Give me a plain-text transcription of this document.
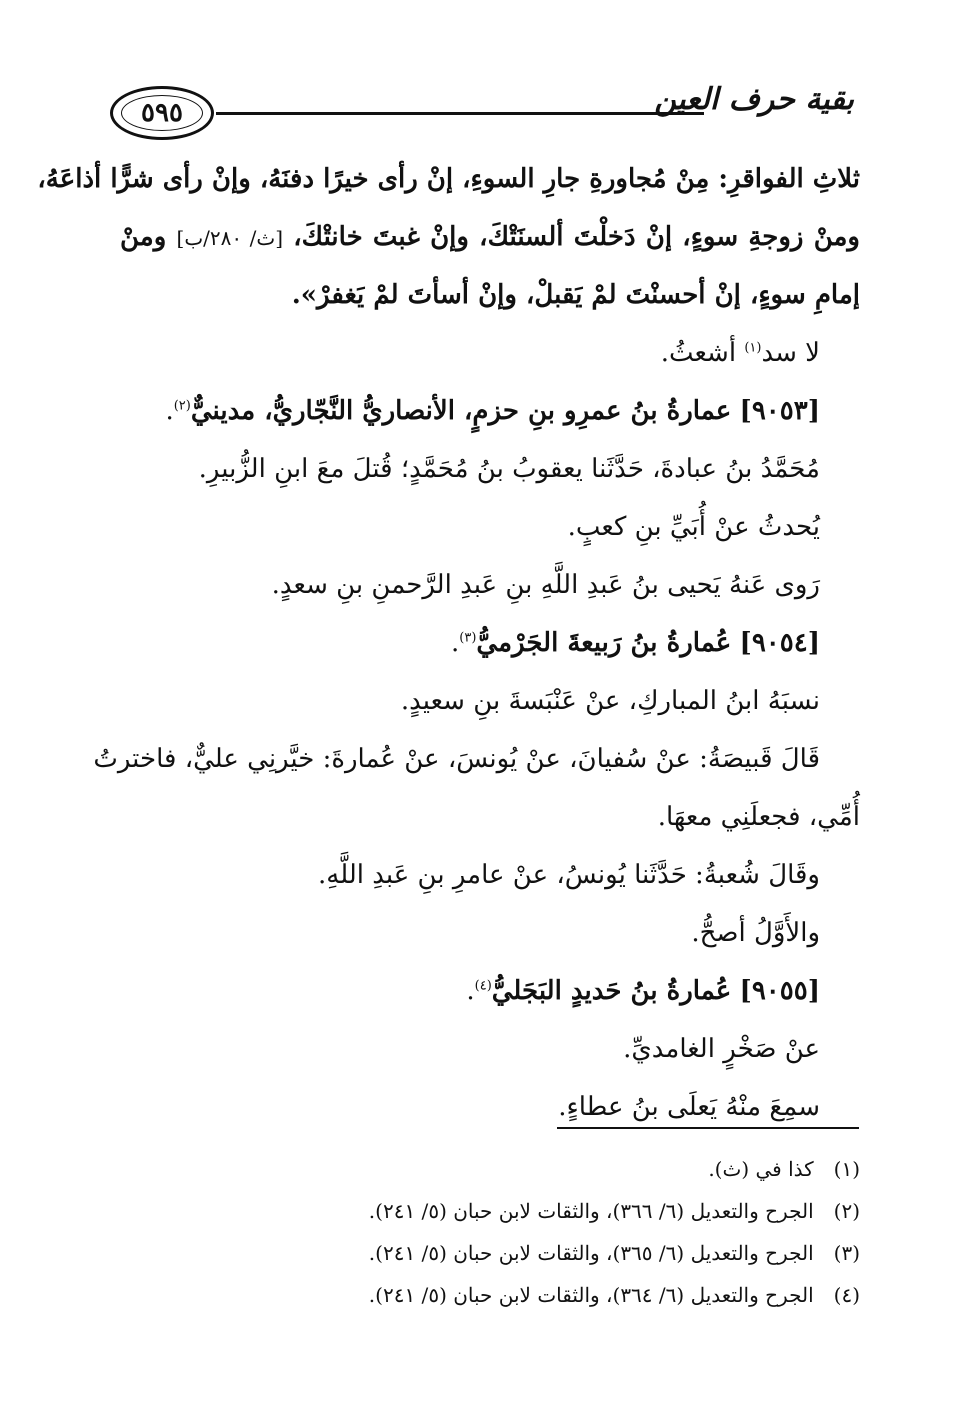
٥٩٥	بقية حرف العين
ثلاثِ الفواقرِ: مِنْ مُجاورةِ جارِ السوءِ، إنْ رأى خيرًا دفنَهُ، وإنْ رأى شرًّا أذاعَهُ،
ومنْ زوجةِ سوءٍ، إنْ دَخلْتَ ألسنَتْكَ، وإنْ غبتَ خانتْكَ، [ث/ ٢٨٠/ب] ومنْ
إمامِ سوءٍ، إنْ أحسنْتَ لمْ يَقبلْ، وإنْ أسأتَ لمْ يَغفرْ».
لا سد$^{(١)}$ أشعثُ.
[٩٠٥٣] عمارةُ بنُ عمرِو بنِ حزمٍ، الأنصاريُّ النَّجّاريُّ، مدينيٌّ$^{(٢)}$.
مُحَمَّدُ بنُ عبادةَ، حَدَّثَنا يعقوبُ بنُ مُحَمَّدٍ؛ قُتلَ معَ ابنِ الزُّبيرِ.
يُحدثُ عنْ أُبَيِّ بنِ كعبٍ.
رَوى عَنهُ يَحيى بنُ عَبدِ اللَّهِ بنِ عَبدِ الرَّحمنِ بنِ سعدٍ.
[٩٠٥٤] عُمارةُ بنُ رَبيعةَ الجَرْميُّ$^{(٣)}$.
نسبَهُ ابنُ المباركِ، عنْ عَنْبَسةَ بنِ سعيدٍ.
قَالَ قَبيصَةُ: عنْ سُفيانَ، عنْ يُونسَ، عنْ عُمارةَ: خيَّرنِي عليٌّ، فاخترتُ
أُمِّي، فجعلَنِي معهَا.
وقَالَ شُعبةُ: حَدَّثَنا يُونسُ، عنْ عامرِ بنِ عَبدِ اللَّهِ.
والأَوَّلُ أصحُّ.
[٩٠٥٥] عُمارةُ بنُ حَديدٍ البَجَليُّ$^{(٤)}$.
عنْ صَخْرٍ الغامديِّ.
سمِعَ منْهُ يَعلَى بنُ عطاءٍ.
(١) كذا في (ث).
(٢) الجرح والتعديل (٦/ ٣٦٦)، والثقات لابن حبان (٥/ ٢٤١).
(٣) الجرح والتعديل (٦/ ٣٦٥)، والثقات لابن حبان (٥/ ٢٤١).
(٤) الجرح والتعديل (٦/ ٣٦٤)، والثقات لابن حبان (٥/ ٢٤١).
